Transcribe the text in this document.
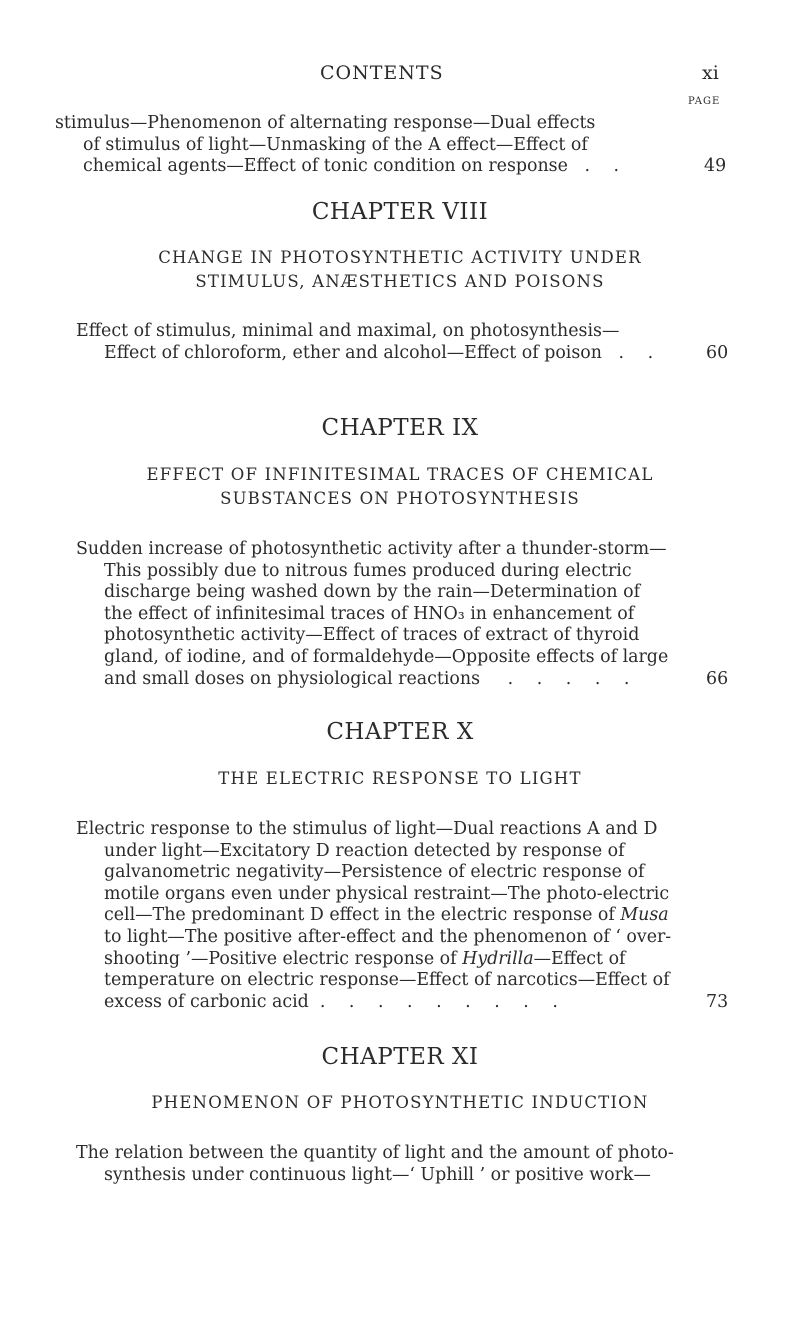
CONTENTS	xi
PAGE
stimulus—Phenomenon of alternating response—Dual effects
of stimulus of light—Unmasking of the A effect—Effect of
chemical agents—Effect of tonic condition on response . .	49
CHAPTER VIII
CHANGE IN PHOTOSYNTHETIC ACTIVITY UNDER
STIMULUS, ANÆSTHETICS AND POISONS
Effect of stimulus, minimal and maximal, on photosynthesis—
Effect of chloroform, ether and alcohol—Effect of poison . .	60
CHAPTER IX
EFFECT OF INFINITESIMAL TRACES OF CHEMICAL
SUBSTANCES ON PHOTOSYNTHESIS
Sudden increase of photosynthetic activity after a thunder-storm—
This possibly due to nitrous fumes produced during electric
discharge being washed down by the rain—Determination of
the effect of infinitesimal traces of HNO₃ in enhancement of
photosynthetic activity—Effect of traces of extract of thyroid
gland, of iodine, and of formaldehyde—Opposite effects of large
and small doses on physiological reactions . . . . .	66
CHAPTER X
THE ELECTRIC RESPONSE TO LIGHT
Electric response to the stimulus of light—Dual reactions A and D
under light—Excitatory D reaction detected by response of
galvanometric negativity—Persistence of electric response of
motile organs even under physical restraint—The photo-electric
cell—The predominant D effect in the electric response of Musa
to light—The positive after-effect and the phenomenon of ‘ over-
shooting ’—Positive electric response of Hydrilla—Effect of
temperature on electric response—Effect of narcotics—Effect of
excess of carbonic acid . . . . . . . . .	73
CHAPTER XI
PHENOMENON OF PHOTOSYNTHETIC INDUCTION
The relation between the quantity of light and the amount of photo-
synthesis under continuous light—‘ Uphill ’ or positive work—
